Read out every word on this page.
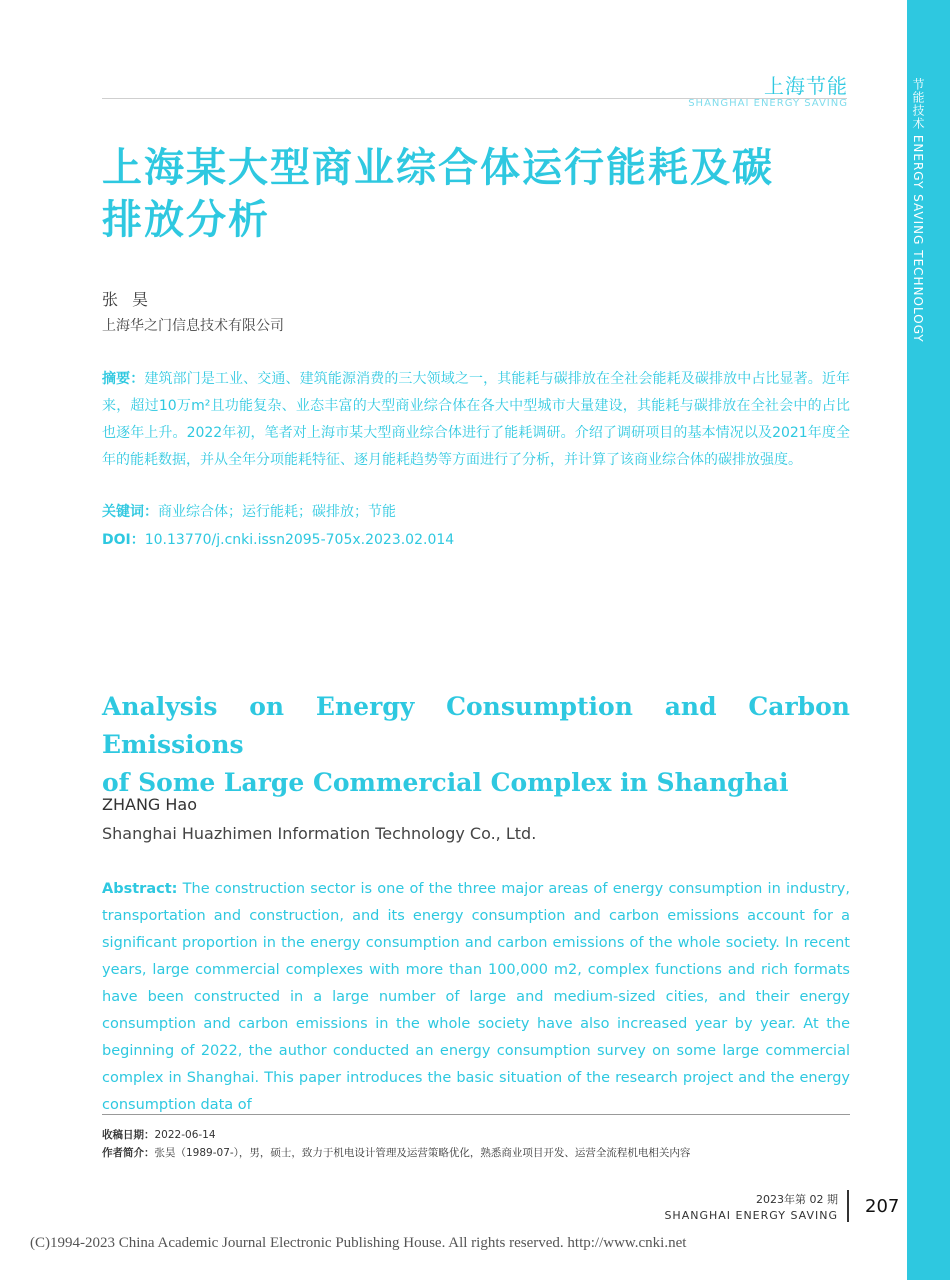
节能技术 ENERGY SAVING TECHNOLOGY
上海节能
SHANGHAI ENERGY SAVING
上海某大型商业综合体运行能耗及碳排放分析
张昊
上海华之门信息技术有限公司
摘要：建筑部门是工业、交通、建筑能源消费的三大领域之一，其能耗与碳排放在全社会能耗及碳排放中占比显著。近年来，超过10万m²且功能复杂、业态丰富的大型商业综合体在各大中型城市大量建设，其能耗与碳排放在全社会中的占比也逐年上升。2022年初，笔者对上海市某大型商业综合体进行了能耗调研。介绍了调研项目的基本情况以及2021年度全年的能耗数据，并从全年分项能耗特征、逐月能耗趋势等方面进行了分析，并计算了该商业综合体的碳排放强度。
关键词：商业综合体；运行能耗；碳排放；节能
DOI：10.13770/j.cnki.issn2095-705x.2023.02.014
Analysis on Energy Consumption and Carbon Emissions
of Some Large Commercial Complex in Shanghai
ZHANG Hao
Shanghai Huazhimen Information Technology Co., Ltd.
Abstract: The construction sector is one of the three major areas of energy consumption in industry, transportation and construction, and its energy consumption and carbon emissions account for a significant proportion in the energy consumption and carbon emissions of the whole society. In recent years, large commercial complexes with more than 100,000 m2, complex functions and rich formats have been constructed in a large number of large and medium-sized cities, and their energy consumption and carbon emissions in the whole society have also increased year by year. At the beginning of 2022, the author conducted an energy consumption survey on some large commercial complex in Shanghai. This paper introduces the basic situation of the research project and the energy consumption data of
收稿日期：2022-06-14
作者简介：张昊（1989-07-），男，硕士，致力于机电设计管理及运营策略优化，熟悉商业项目开发、运营全流程机电相关内容
2023年第 02 期
SHANGHAI ENERGY SAVING 207
(C)1994-2023 China Academic Journal Electronic Publishing House. All rights reserved. http://www.cnki.net
